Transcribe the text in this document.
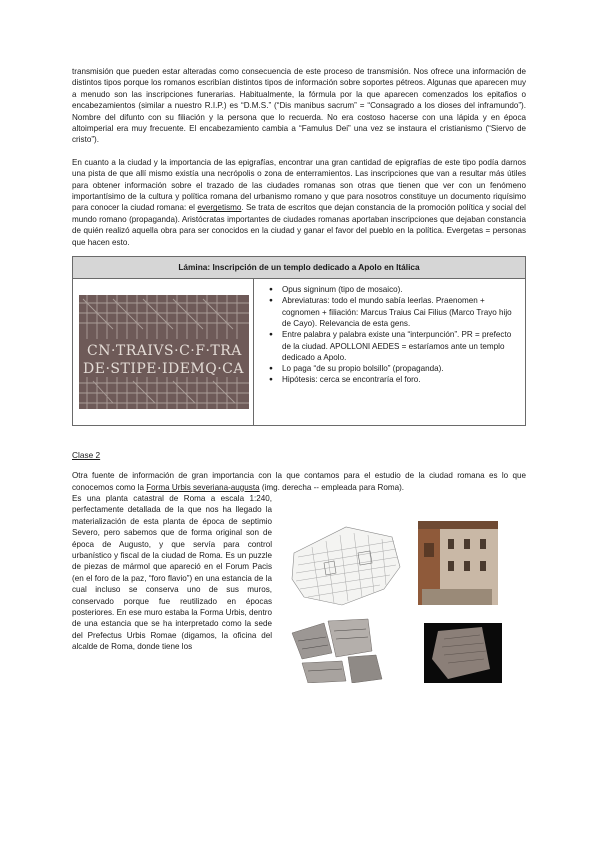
transmisión que pueden estar alteradas como consecuencia de este proceso de transmisión. Nos ofrece una información de distintos tipos porque los romanos escribían distintos tipos de información sobre soportes pétreos. Algunas que aparecen muy a menudo son las inscripciones funerarias. Habitualmente, la fórmula por la que aparecen comenzados los epitafios o encabezamientos (similar a nuestro R.I.P.) es “D.M.S.” (“Dis manibus sacrum” = “Consagrado a los dioses del inframundo”). Nombre del difunto con su filiación y la persona que lo recuerda. No era costoso hacerse con una lápida y en época altoimperial era muy frecuente. El encabezamiento cambia a “Famulus Dei” una vez se instaura el cristianismo (“Siervo de cristo”).

En cuanto a la ciudad y la importancia de las epigrafías, encontrar una gran cantidad de epigrafías de este tipo podía darnos una pista de que allí mismo existía una necrópolis o zona de enterramientos. Las inscripciones que van a resultar más útiles para obtener información sobre el trazado de las ciudades romanas son otras que tienen que ver con un fenómeno importantísimo de la cultura y política romana del urbanismo romano y que para nosotros constituye un documento riquísimo para conocer la ciudad romana: el evergetismo. Se trata de escritos que dejan constancia de la promoción política y social del mundo romano (propaganda). Aristócratas importantes de ciudades romanas aportaban inscripciones que dejaban constancia de quién realizó aquella obra para ser conocidos en la ciudad y ganar el favor del pueblo en la política. Evergetas = personas que hacen esto.

Lámina: Inscripción de un templo dedicado a Apolo en Itálica
CN·TRAIVS·C·F·TRA
DE·STIPE·IDEMQ·CA
● Opus signinum (tipo de mosaico).
● Abreviaturas: todo el mundo sabía leerlas. Praenomen + cognomen + filiación: Marcus Traius Cai Filius (Marco Trayo hijo de Cayo). Relevancia de esta gens.
● Entre palabra y palabra existe una “interpunción”. PR = prefecto de la ciudad. APOLLONI AEDES = estaríamos ante un templo dedicado a Apolo.
● Lo paga “de su propio bolsillo” (propaganda).
● Hipótesis: cerca se encontraría el foro.
Clase 2

Otra fuente de información de gran importancia con la que contamos para el estudio de la ciudad romana es lo que conocemos como la Forma Urbis severiana-augusta (img. derecha -- empleada para Roma).

Es una planta catastral de Roma a escala 1:240, perfectamente detallada de la que nos ha llegado la materialización de esta planta de época de septimio Severo, pero sabemos que de forma original son de época de Augusto, y que servía para control urbanístico y fiscal de la ciudad de Roma. Es un puzzle de piezas de mármol que apareció en el Forum Pacis (en el foro de la paz, “foro flavio”) en una estancia de la cual incluso se conserva uno de sus muros, conservado porque fue reutilizado en épocas posteriores. En ese muro estaba la Forma Urbis, dentro de una estancia que se ha interpretado como la sede del Prefectus Urbis Romae (digamos, la oficina del alcalde de Roma, donde tiene los
